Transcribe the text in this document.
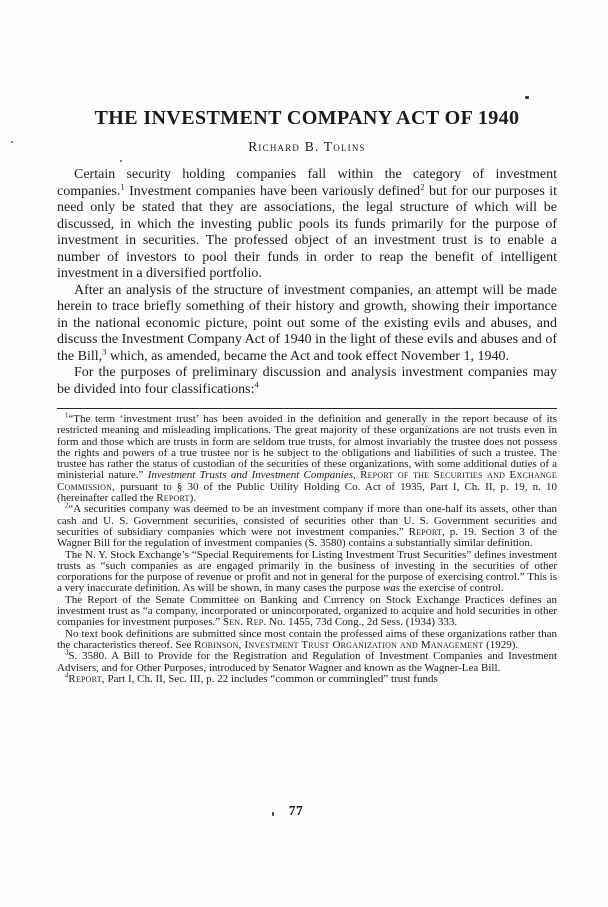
THE INVESTMENT COMPANY ACT OF 1940
Richard B. Tolins

Certain security holding companies fall within the category of investment companies.$^1$ Investment companies have been variously defined$^2$ but for our purposes it need only be stated that they are associations, the legal structure of which will be discussed, in which the investing public pools its funds primarily for the purpose of investment in securities. The professed object of an investment trust is to enable a number of investors to pool their funds in order to reap the benefit of intelligent investment in a diversified portfolio.

After an analysis of the structure of investment companies, an attempt will be made herein to trace briefly something of their history and growth, showing their importance in the national economic picture, point out some of the existing evils and abuses, and discuss the Investment Company Act of 1940 in the light of these evils and abuses and of the Bill,$^3$ which, as amended, became the Act and took effect November 1, 1940.

For the purposes of preliminary discussion and analysis investment companies may be divided into four classifications:$^4$

$^1$“The term ‘investment trust’ has been avoided in the definition and generally in the report because of its restricted meaning and misleading implications. The great majority of these organizations are not trusts even in form and those which are trusts in form are seldom true trusts, for almost invariably the trustee does not possess the rights and powers of a true trustee nor is he subject to the obligations and liabilities of such a trustee. The trustee has rather the status of custodian of the securities of these organizations, with some additional duties of a ministerial nature.” Investment Trusts and Investment Companies, Report of the Securities and Exchange Commission, pursuant to § 30 of the Public Utility Holding Co. Act of 1935, Part I, Ch. II, p. 19, n. 10 (hereinafter called the Report).

$^2$“A securities company was deemed to be an investment company if more than one-half its assets, other than cash and U. S. Government securities, consisted of securities other than U. S. Government securities and securities of subsidiary companies which were not investment companies.” Report, p. 19. Section 3 of the Wagner Bill for the regulation of investment companies (S. 3580) contains a substantially similar definition.

The N. Y. Stock Exchange’s “Special Requirements for Listing Investment Trust Securities” defines investment trusts as “such companies as are engaged primarily in the business of investing in the securities of other corporations for the purpose of revenue or profit and not in general for the purpose of exercising control.” This is a very inaccurate definition. As will be shown, in many cases the purpose was the exercise of control.

The Report of the Senate Committee on Banking and Currency on Stock Exchange Practices defines an investment trust as “a company, incorporated or unincorporated, organized to acquire and hold securities in other companies for investment purposes.” Sen. Rep. No. 1455, 73d Cong., 2d Sess. (1934) 333.

No text book definitions are submitted since most contain the professed aims of these organizations rather than the characteristics thereof. See Robinson, Investment Trust Organization and Management (1929).

$^3$S. 3580. A Bill to Provide for the Registration and Regulation of Investment Companies and Investment Advisers, and for Other Purposes, introduced by Senator Wagner and known as the Wagner-Lea Bill.

$^4$Report, Part I, Ch. II, Sec. III, p. 22 includes “common or commingled” trust funds

77
